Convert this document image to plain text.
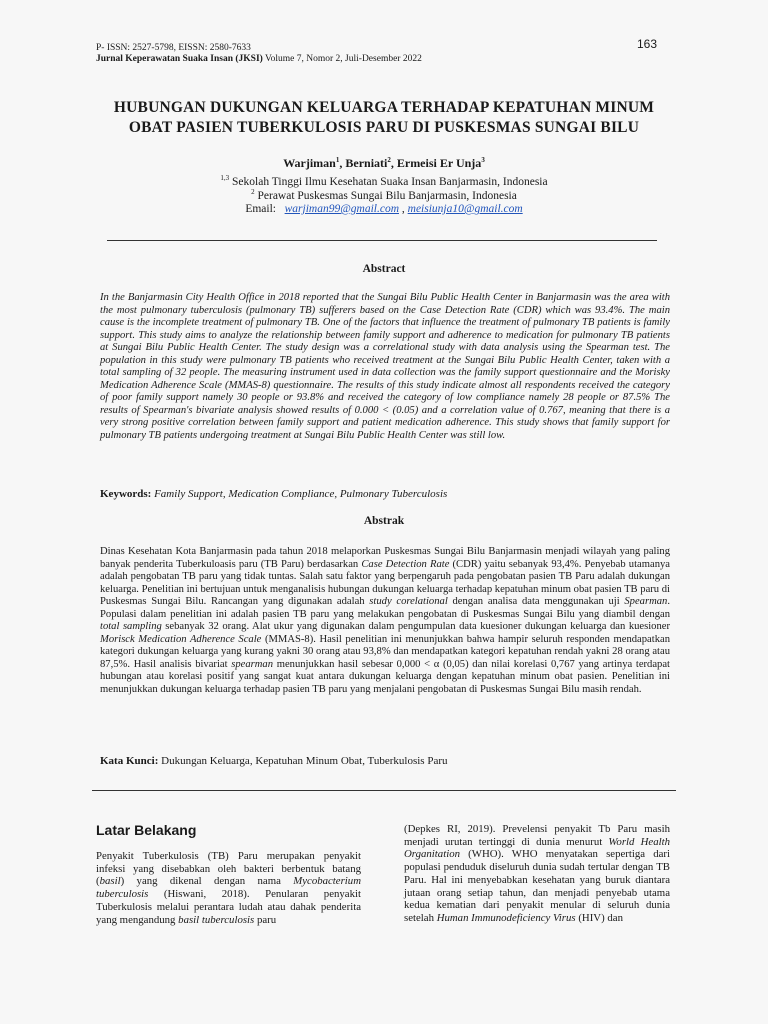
P- ISSN: 2527-5798, EISSN: 2580-7633
Jurnal Keperawatan Suaka Insan (JKSI) Volume 7, Nomor 2, Juli-Desember 2022
163
HUBUNGAN DUKUNGAN KELUARGA TERHADAP KEPATUHAN MINUM
OBAT PASIEN TUBERKULOSIS PARU DI PUSKESMAS SUNGAI BILU
Warjiman$^1$, Berniati$^2$, Ermeisi Er Unja$^3$
$^{1,3}$ Sekolah Tinggi Ilmu Kesehatan Suaka Insan Banjarmasin, Indonesia
$^2$ Perawat Puskesmas Sungai Bilu Banjarmasin, Indonesia
Email: warjiman99@gmail.com , meisiunja10@gmail.com
Abstract
In the Banjarmasin City Health Office in 2018 reported that the Sungai Bilu Public Health Center in Banjarmasin was the area with the most pulmonary tuberculosis (pulmonary TB) sufferers based on the Case Detection Rate (CDR) which was 93.4%. The main cause is the incomplete treatment of pulmonary TB. One of the factors that influence the treatment of pulmonary TB patients is family support. This study aims to analyze the relationship between family support and adherence to medication for pulmonary TB patients at Sungai Bilu Public Health Center. The study design was a correlational study with data analysis using the Spearman test. The population in this study were pulmonary TB patients who received treatment at the Sungai Bilu Public Health Center, taken with a total sampling of 32 people. The measuring instrument used in data collection was the family support questionnaire and the Morisky Medication Adherence Scale (MMAS-8) questionnaire. The results of this study indicate almost all respondents received the category of poor family support namely 30 people or 93.8% and received the category of low compliance namely 28 people or 87.5% The results of Spearman's bivariate analysis showed results of 0.000 < (0.05) and a correlation value of 0.767, meaning that there is a very strong positive correlation between family support and patient medication adherence. This study shows that family support for pulmonary TB patients undergoing treatment at Sungai Bilu Public Health Center was still low.
Keywords: Family Support, Medication Compliance, Pulmonary Tuberculosis
Abstrak
Dinas Kesehatan Kota Banjarmasin pada tahun 2018 melaporkan Puskesmas Sungai Bilu Banjarmasin menjadi wilayah yang paling banyak penderita Tuberkuloasis paru (TB Paru) berdasarkan Case Detection Rate (CDR) yaitu sebanyak 93,4%. Penyebab utamanya adalah pengobatan TB paru yang tidak tuntas. Salah satu faktor yang berpengaruh pada pengobatan pasien TB Paru adalah dukungan keluarga. Penelitian ini bertujuan untuk menganalisis hubungan dukungan keluarga terhadap kepatuhan minum obat pasien TB paru di Puskesmas Sungai Bilu. Rancangan yang digunakan adalah study corelational dengan analisa data menggunakan uji Spearman. Populasi dalam penelitian ini adalah pasien TB paru yang melakukan pengobatan di Puskesmas Sungai Bilu yang diambil dengan total sampling sebanyak 32 orang. Alat ukur yang digunakan dalam pengumpulan data kuesioner dukungan keluarga dan kuesioner Morisck Medication Adherence Scale (MMAS-8). Hasil penelitian ini menunjukkan bahwa hampir seluruh responden mendapatkan kategori dukungan keluarga yang kurang yakni 30 orang atau 93,8% dan mendapatkan kategori kepatuhan rendah yakni 28 orang atau 87,5%. Hasil analisis bivariat spearman menunjukkan hasil sebesar 0,000 < α (0,05) dan nilai korelasi 0,767 yang artinya terdapat hubungan atau korelasi positif yang sangat kuat antara dukungan keluarga dengan kepatuhan minum obat pasien. Penelitian ini menunjukkan dukungan keluarga terhadap pasien TB paru yang menjalani pengobatan di Puskesmas Sungai Bilu masih rendah.
Kata Kunci: Dukungan Keluarga, Kepatuhan Minum Obat, Tuberkulosis Paru
Latar Belakang
Penyakit Tuberkulosis (TB) Paru merupakan penyakit infeksi yang disebabkan oleh bakteri berbentuk batang (basil) yang dikenal dengan nama Mycobacterium tuberculosis (Hiswani, 2018). Penularan penyakit Tuberkulosis melalui perantara ludah atau dahak penderita yang mengandung basil tuberculosis paru
(Depkes RI, 2019). Prevelensi penyakit Tb Paru masih menjadi urutan tertinggi di dunia menurut World Health Organitation (WHO). WHO menyatakan sepertiga dari populasi penduduk diseluruh dunia sudah tertular dengan TB Paru. Hal ini menyebabkan kesehatan yang buruk diantara jutaan orang setiap tahun, dan menjadi penyebab utama kedua kematian dari penyakit menular di seluruh dunia setelah Human Immunodeficiency Virus (HIV) dan
